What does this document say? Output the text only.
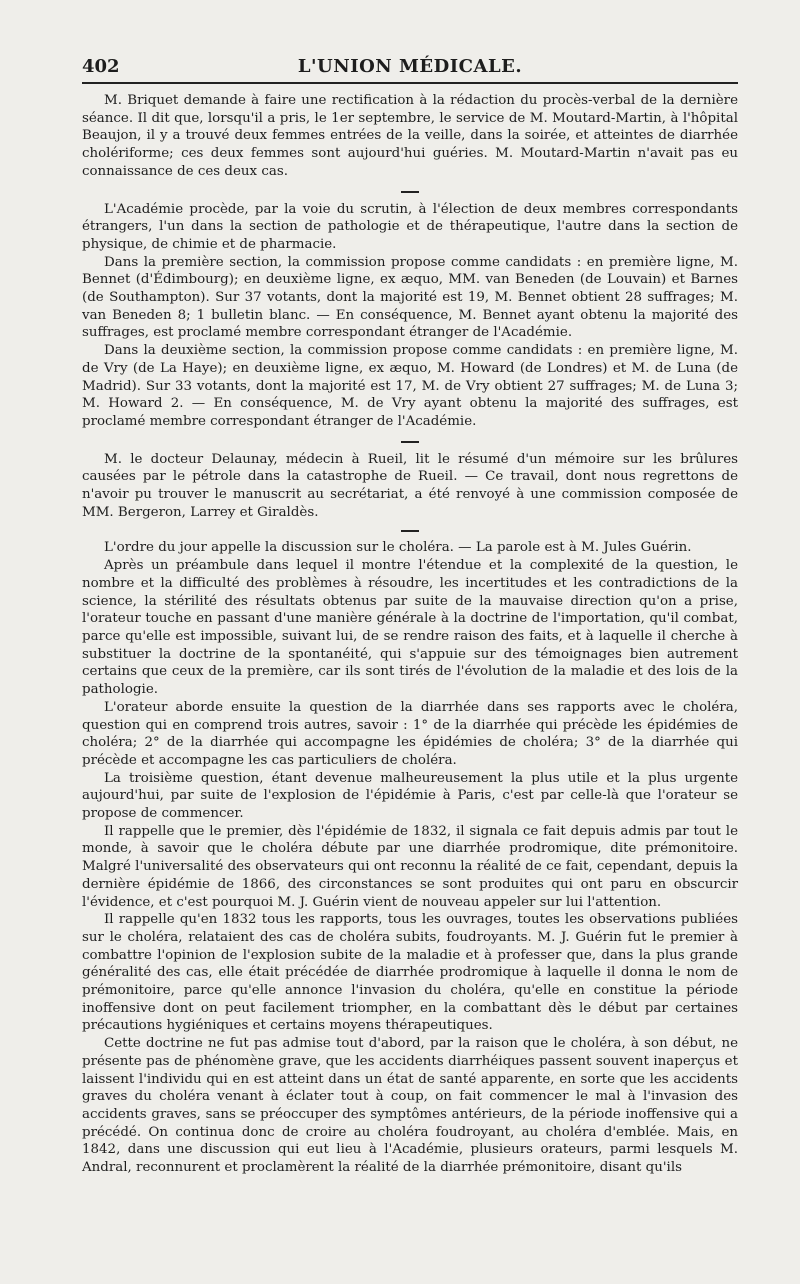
402	L'UNION MÉDICALE.

M. Briquet demande à faire une rectification à la rédaction du procès-verbal de la dernière séance. Il dit que, lorsqu'il a pris, le 1er septembre, le service de M. Moutard-Martin, à l'hôpital Beaujon, il y a trouvé deux femmes entrées de la veille, dans la soirée, et atteintes de diarrhée cholériforme; ces deux femmes sont aujourd'hui guéries. M. Moutard-Martin n'avait pas eu connaissance de ces deux cas.

L'Académie procède, par la voie du scrutin, à l'élection de deux membres correspondants étrangers, l'un dans la section de pathologie et de thérapeutique, l'autre dans la section de physique, de chimie et de pharmacie.

Dans la première section, la commission propose comme candidats : en première ligne, M. Bennet (d'Édimbourg); en deuxième ligne, ex æquo, MM. van Beneden (de Louvain) et Barnes (de Southampton). Sur 37 votants, dont la majorité est 19, M. Bennet obtient 28 suffrages; M. van Beneden 8; 1 bulletin blanc. — En conséquence, M. Bennet ayant obtenu la majorité des suffrages, est proclamé membre correspondant étranger de l'Académie.

Dans la deuxième section, la commission propose comme candidats : en première ligne, M. de Vry (de La Haye); en deuxième ligne, ex æquo, M. Howard (de Londres) et M. de Luna (de Madrid). Sur 33 votants, dont la majorité est 17, M. de Vry obtient 27 suffrages; M. de Luna 3; M. Howard 2. — En conséquence, M. de Vry ayant obtenu la majorité des suffrages, est proclamé membre correspondant étranger de l'Académie.

M. le docteur Delaunay, médecin à Rueil, lit le résumé d'un mémoire sur les brûlures causées par le pétrole dans la catastrophe de Rueil. — Ce travail, dont nous regrettons de n'avoir pu trouver le manuscrit au secrétariat, a été renvoyé à une commission composée de MM. Bergeron, Larrey et Giraldès.

L'ordre du jour appelle la discussion sur le choléra. — La parole est à M. Jules Guérin.

Après un préambule dans lequel il montre l'étendue et la complexité de la question, le nombre et la difficulté des problèmes à résoudre, les incertitudes et les contradictions de la science, la stérilité des résultats obtenus par suite de la mauvaise direction qu'on a prise, l'orateur touche en passant d'une manière générale à la doctrine de l'importation, qu'il combat, parce qu'elle est impossible, suivant lui, de se rendre raison des faits, et à laquelle il cherche à substituer la doctrine de la spontanéité, qui s'appuie sur des témoignages bien autrement certains que ceux de la première, car ils sont tirés de l'évolution de la maladie et des lois de la pathologie.

L'orateur aborde ensuite la question de la diarrhée dans ses rapports avec le choléra, question qui en comprend trois autres, savoir : 1° de la diarrhée qui précède les épidémies de choléra; 2° de la diarrhée qui accompagne les épidémies de choléra; 3° de la diarrhée qui précède et accompagne les cas particuliers de choléra.

La troisième question, étant devenue malheureusement la plus utile et la plus urgente aujourd'hui, par suite de l'explosion de l'épidémie à Paris, c'est par celle-là que l'orateur se propose de commencer.

Il rappelle que le premier, dès l'épidémie de 1832, il signala ce fait depuis admis par tout le monde, à savoir que le choléra débute par une diarrhée prodromique, dite prémonitoire. Malgré l'universalité des observateurs qui ont reconnu la réalité de ce fait, cependant, depuis la dernière épidémie de 1866, des circonstances se sont produites qui ont paru en obscurcir l'évidence, et c'est pourquoi M. J. Guérin vient de nouveau appeler sur lui l'attention.

Il rappelle qu'en 1832 tous les rapports, tous les ouvrages, toutes les observations publiées sur le choléra, relataient des cas de choléra subits, foudroyants. M. J. Guérin fut le premier à combattre l'opinion de l'explosion subite de la maladie et à professer que, dans la plus grande généralité des cas, elle était précédée de diarrhée prodromique à laquelle il donna le nom de prémonitoire, parce qu'elle annonce l'invasion du choléra, qu'elle en constitue la période inoffensive dont on peut facilement triompher, en la combattant dès le début par certaines précautions hygiéniques et certains moyens thérapeutiques.

Cette doctrine ne fut pas admise tout d'abord, par la raison que le choléra, à son début, ne présente pas de phénomène grave, que les accidents diarrhéiques passent souvent inaperçus et laissent l'individu qui en est atteint dans un état de santé apparente, en sorte que les accidents graves du choléra venant à éclater tout à coup, on fait commencer le mal à l'invasion des accidents graves, sans se préoccuper des symptômes antérieurs, de la période inoffensive qui a précédé. On continua donc de croire au choléra foudroyant, au choléra d'emblée. Mais, en 1842, dans une discussion qui eut lieu à l'Académie, plusieurs orateurs, parmi lesquels M. Andral, reconnurent et proclamèrent la réalité de la diarrhée prémonitoire, disant qu'ils
